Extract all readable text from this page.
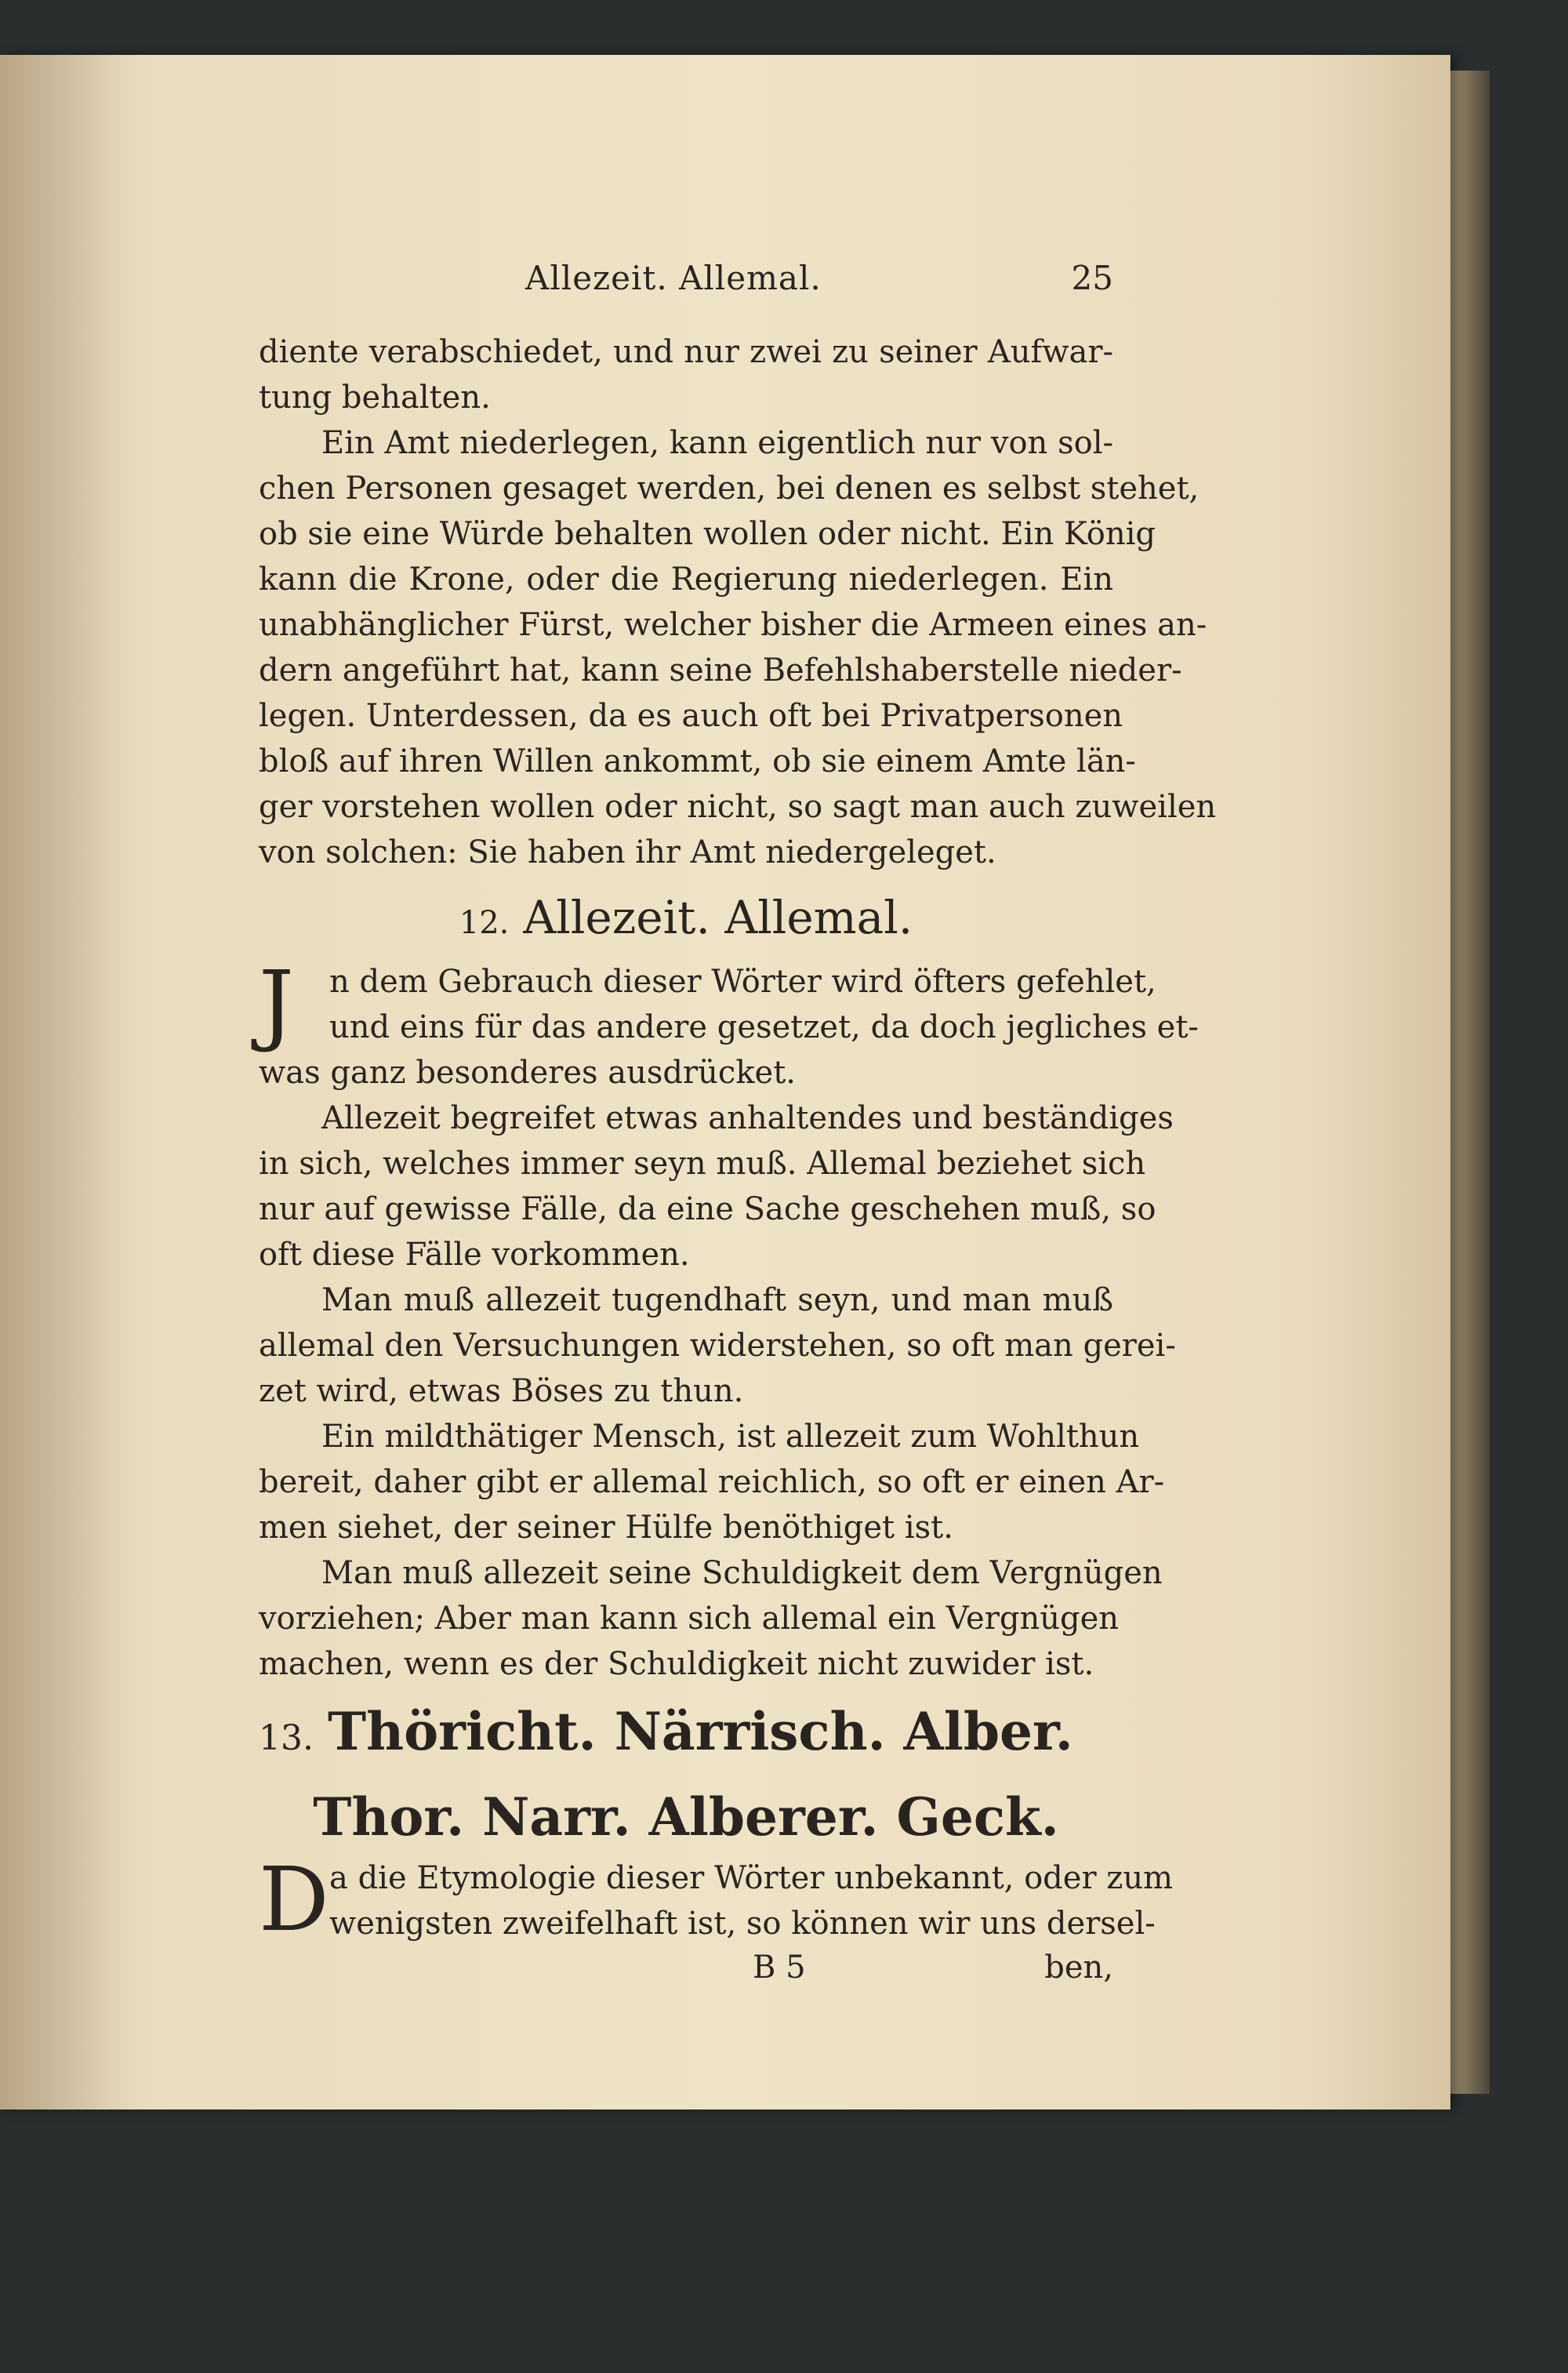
Allezeit. Allemal.	25
diente verabschiedet, und nur zwei zu seiner Aufwar-
tung behalten.
Ein Amt niederlegen, kann eigentlich nur von sol-
chen Personen gesaget werden, bei denen es selbst stehet,
ob sie eine Würde behalten wollen oder nicht. Ein König
kann die Krone, oder die Regierung niederlegen. Ein
unabhänglicher Fürst, welcher bisher die Armeen eines an-
dern angeführt hat, kann seine Befehlshaberstelle nieder-
legen. Unterdessen, da es auch oft bei Privatpersonen
bloß auf ihren Willen ankommt, ob sie einem Amte län-
ger vorstehen wollen oder nicht, so sagt man auch zuweilen
von solchen: Sie haben ihr Amt niedergeleget.
12. Allezeit. Allemal.
J	n dem Gebrauch dieser Wörter wird öfters gefehlet,
und eins für das andere gesetzet, da doch jegliches et-
was ganz besonderes ausdrücket.
Allezeit begreifet etwas anhaltendes und beständiges
in sich, welches immer seyn muß. Allemal beziehet sich
nur auf gewisse Fälle, da eine Sache geschehen muß, so
oft diese Fälle vorkommen.
Man muß allezeit tugendhaft seyn, und man muß
allemal den Versuchungen widerstehen, so oft man gerei-
zet wird, etwas Böses zu thun.
Ein mildthätiger Mensch, ist allezeit zum Wohlthun
bereit, daher gibt er allemal reichlich, so oft er einen Ar-
men siehet, der seiner Hülfe benöthiget ist.
Man muß allezeit seine Schuldigkeit dem Vergnügen
vorziehen; Aber man kann sich allemal ein Vergnügen
machen, wenn es der Schuldigkeit nicht zuwider ist.
13. Thöricht. Närrisch. Alber.
Thor. Narr. Alberer. Geck.
D a die Etymologie dieser Wörter unbekannt, oder zum
wenigsten zweifelhaft ist, so können wir uns dersel-
B 5	ben,
